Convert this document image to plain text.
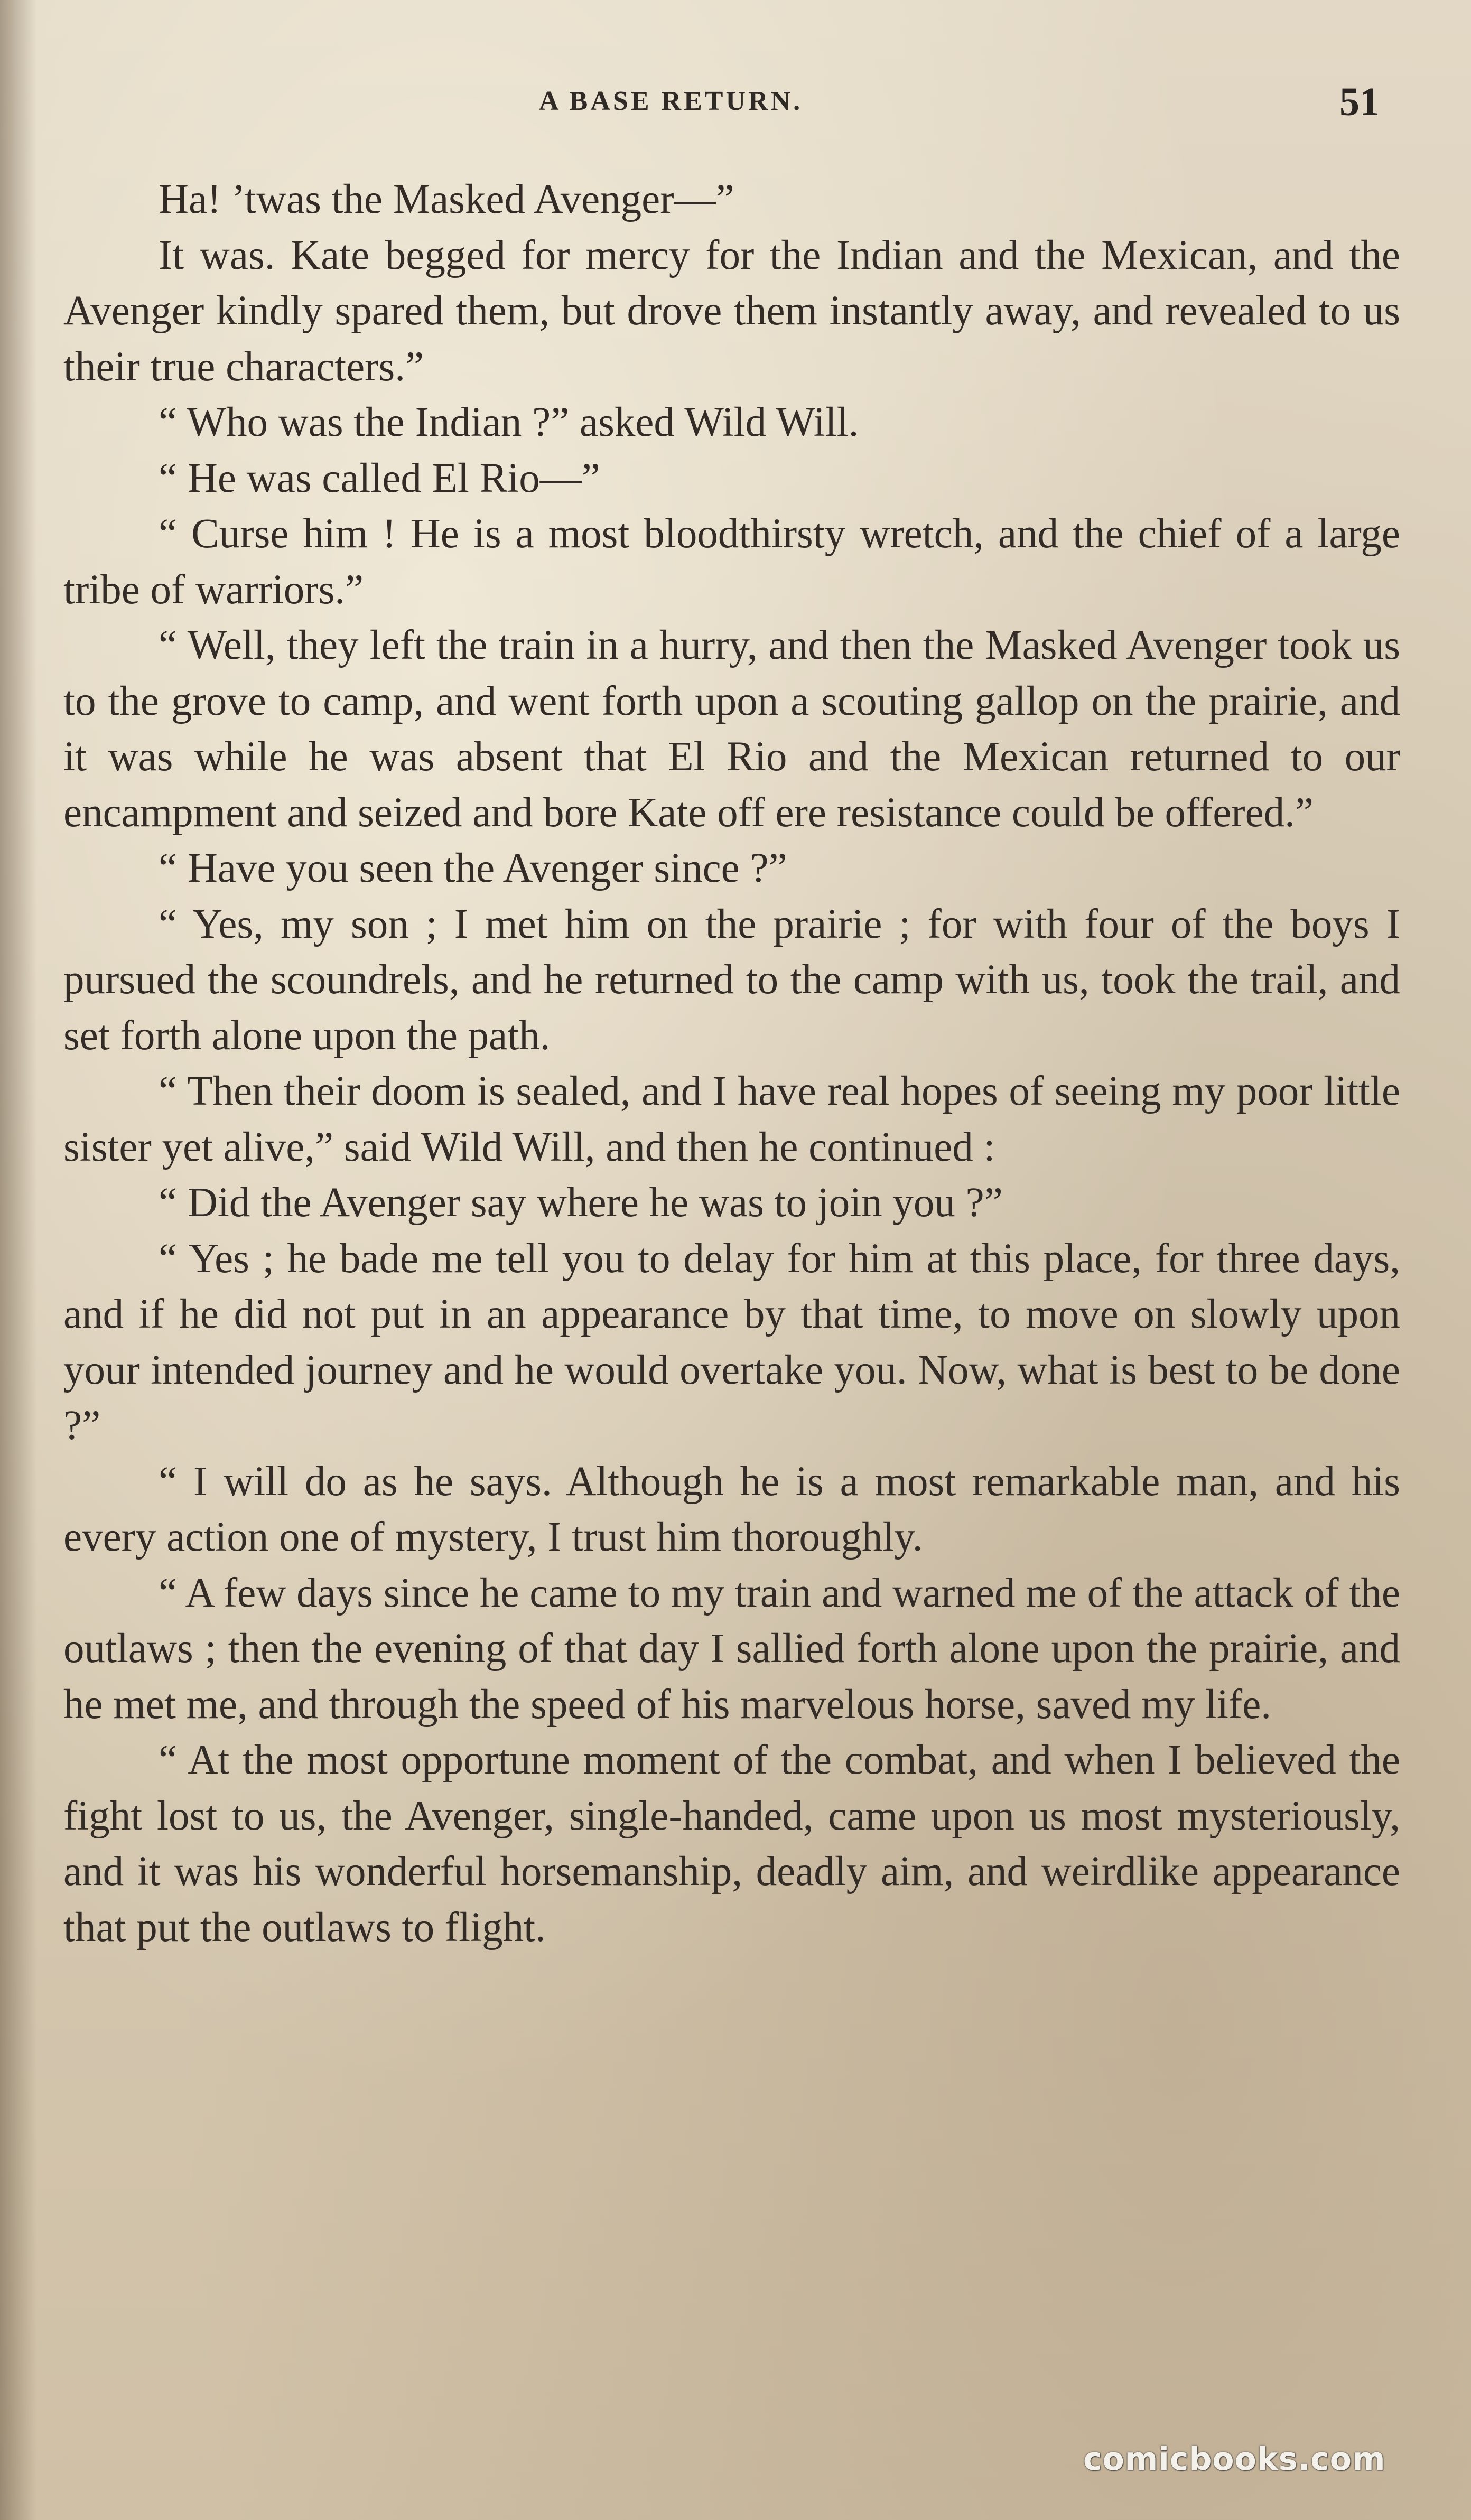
A BASE RETURN.	51

Ha! ’twas the Masked Avenger—”

It was. Kate begged for mercy for the Indian and the Mexican, and the Avenger kindly spared them, but drove them instantly away, and revealed to us their true characters.”

“ Who was the Indian ?” asked Wild Will.

“ He was called El Rio—”

“ Curse him ! He is a most bloodthirsty wretch, and the chief of a large tribe of warriors.”

“ Well, they left the train in a hurry, and then the Masked Avenger took us to the grove to camp, and went forth upon a scouting gallop on the prairie, and it was while he was absent that El Rio and the Mexican returned to our encampment and seized and bore Kate off ere resistance could be offered.”

“ Have you seen the Avenger since ?”

“ Yes, my son ; I met him on the prairie ; for with four of the boys I pursued the scoundrels, and he returned to the camp with us, took the trail, and set forth alone upon the path.

“ Then their doom is sealed, and I have real hopes of seeing my poor little sister yet alive,” said Wild Will, and then he continued :

“ Did the Avenger say where he was to join you ?”

“ Yes ; he bade me tell you to delay for him at this place, for three days, and if he did not put in an appearance by that time, to move on slowly upon your intended journey and he would overtake you. Now, what is best to be done ?”

“ I will do as he says. Although he is a most remarkable man, and his every action one of mystery, I trust him thoroughly.

“ A few days since he came to my train and warned me of the attack of the outlaws ; then the evening of that day I sallied forth alone upon the prairie, and he met me, and through the speed of his marvelous horse, saved my life.

“ At the most opportune moment of the combat, and when I believed the fight lost to us, the Avenger, single-handed, came upon us most mysteriously, and it was his wonderful horsemanship, deadly aim, and weirdlike appearance that put the outlaws to flight.

comicbooks.com
